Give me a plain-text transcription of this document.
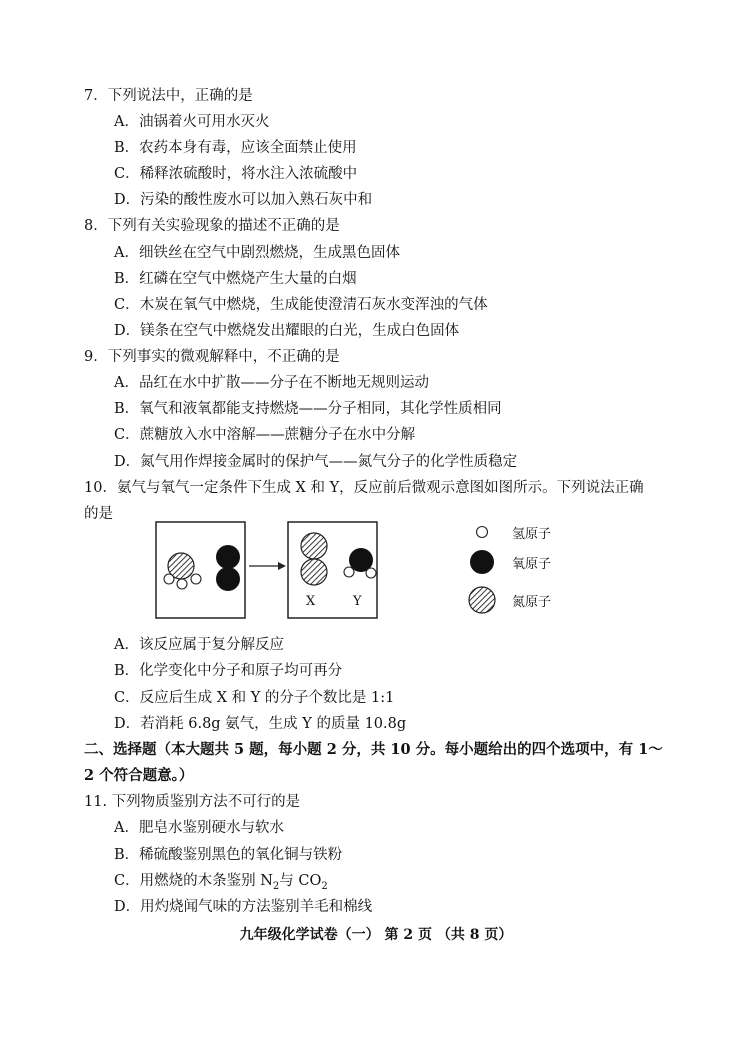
7．下列说法中，正确的是
A．油锅着火可用水灭火
B．农药本身有毒，应该全面禁止使用
C．稀释浓硫酸时，将水注入浓硫酸中
D．污染的酸性废水可以加入熟石灰中和
8．下列有关实验现象的描述不正确的是
A．细铁丝在空气中剧烈燃烧，生成黑色固体
B．红磷在空气中燃烧产生大量的白烟
C．木炭在氧气中燃烧，生成能使澄清石灰水变浑浊的气体
D．镁条在空气中燃烧发出耀眼的白光，生成白色固体
9．下列事实的微观解释中，不正确的是
A．品红在水中扩散——分子在不断地无规则运动
B．氧气和液氧都能支持燃烧——分子相同，其化学性质相同
C．蔗糖放入水中溶解——蔗糖分子在水中分解
D．氮气用作焊接金属时的保护气——氮气分子的化学性质稳定
10．氨气与氧气一定条件下生成 X 和 Y，反应前后微观示意图如图所示。下列说法正确
的是
X	Y
氢原子
氧原子
氮原子
A．该反应属于复分解反应
B．化学变化中分子和原子均可再分
C．反应后生成 X 和 Y 的分子个数比是 1:1
D．若消耗 6.8g 氨气，生成 Y 的质量 10.8g
二、选择题（本大题共 5 题，每小题 2 分，共 10 分。每小题给出的四个选项中，有 1～
2 个符合题意。）
11. 下列物质鉴别方法不可行的是
A．肥皂水鉴别硬水与软水
B．稀硫酸鉴别黑色的氧化铜与铁粉
C．用燃烧的木条鉴别 $N_2$与 $CO_2$
D．用灼烧闻气味的方法鉴别羊毛和棉线
九年级化学试卷（一） 第 2 页 （共 8 页）
